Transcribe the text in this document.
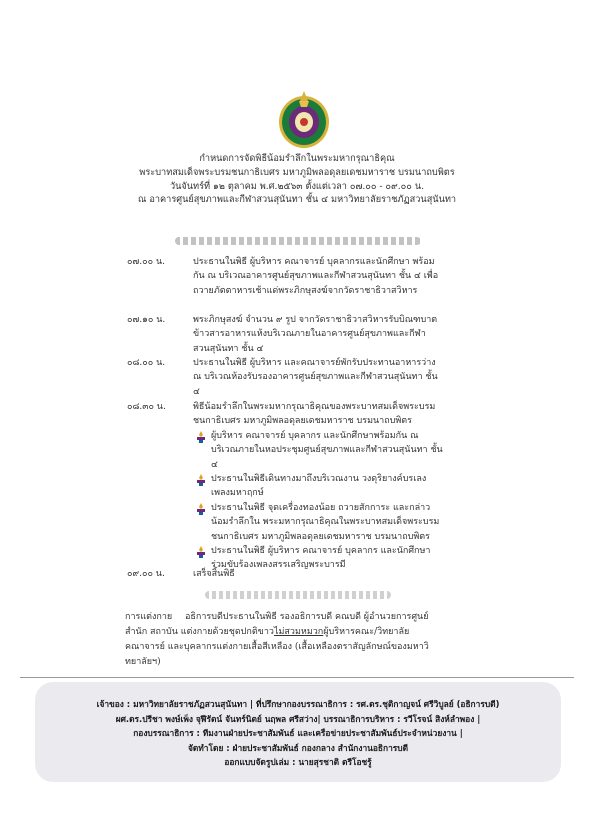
กำหนดการจัดพิธีน้อมรำลึกในพระมหากรุณาธิคุณ
พระบาทสมเด็จพระบรมชนกาธิเบศร มหาภูมิพลอดุลยเดชมหาราช บรมนาถบพิตร
วันจันทร์ที่ ๑๒ ตุลาคม พ.ศ.๒๕๖๓ ตั้งแต่เวลา ๐๗.๐๐ - ๐๙.๐๐ น.
ณ อาคารศูนย์สุขภาพและกีฬาสวนสุนันทา ชั้น ๔ มหาวิทยาลัยราชภัฏสวนสุนันทา
๐๗.๐๐ น.	ประธานในพิธี ผู้บริหาร คณาจารย์ บุคลากรและนักศึกษา พร้อมกัน ณ บริเวณอาคารศูนย์สุขภาพและกีฬาสวนสุนันทา ชั้น ๔ เพื่อถวายภัตตาหารเช้าแด่พระภิกษุสงฆ์จากวัดราชาธิวาสวิหาร
๐๗.๑๐ น.	พระภิกษุสงฆ์ จำนวน ๙ รูป จากวัดราชาธิวาสวิหารรับบิณฑบาตข้าวสารอาหารแห้งบริเวณภายในอาคารศูนย์สุขภาพและกีฬาสวนสุนันทา ชั้น ๔
๐๘.๐๐ น.	ประธานในพิธี ผู้บริหาร และคณาจารย์พักรับประทานอาหารว่าง ณ บริเวณห้องรับรองอาคารศูนย์สุขภาพและกีฬาสวนสุนันทา ชั้น ๔
๐๘.๓๐ น.	พิธีน้อมรำลึกในพระมหากรุณาธิคุณของพระบาทสมเด็จพระบรมชนกาธิเบศร มหาภูมิพลอดุลยเดชมหาราช บรมนาถบพิตร
ผู้บริหาร คณาจารย์ บุคลากร และนักศึกษาพร้อมกัน ณ บริเวณภายในหอประชุมศูนย์สุขภาพและกีฬาสวนสุนันทา ชั้น ๔
ประธานในพิธีเดินทางมาถึงบริเวณงาน วงดุริยางค์บรเลงเพลงมหาฤกษ์
ประธานในพิธี จุดเครื่องทองน้อย ถวายสักการะ และกล่าวน้อมรำลึกใน พระมหากรุณาธิคุณในพระบาทสมเด็จพระบรมชนกาธิเบศร มหาภูมิพลอดุลยเดชมหาราช บรมนาถบพิตร
ประธานในพิธี ผู้บริหาร คณาจารย์ บุคลากร และนักศึกษาร่วมขับร้องเพลงสรรเสริญพระบารมี
๐๙.๐๐ น.	เสร็จสิ้นพิธี
การแต่งกาย อธิการบดีประธานในพิธี รองอธิการบดี คณบดี ผู้อำนวยการศูนย์ สำนัก สถาบัน แต่งกายด้วยชุดปกติขาวไม่สวมหมวกผู้บริหารคณะ/วิทยาลัย คณาจารย์ และบุคลากรแต่งกายเสื้อสีเหลือง (เสื้อเหลืองตราสัญลักษณ์ของมหาวิทยาลัยฯ)
เจ้าของ : มหาวิทยาลัยราชภัฏสวนสุนันทา | ที่ปรึกษากองบรรณาธิการ : รศ.ดร.ชุติกาญจน์ ศรีวิบูลย์ (อธิการบดี)
ผศ.ดร.ปรีชา พงษ์เพ็ง จุฬีรัตน์ จันทร์นิตย์ นฤพล ศรีสว่าง| บรรณาธิการบริหาร : รวีโรจน์ สิงห์ลำพอง |
กองบรรณาธิการ : ทีมงานฝ่ายประชาสัมพันธ์ และเครือข่ายประชาสัมพันธ์ประจำหน่วยงาน |
จัดทำโดย : ฝ่ายประชาสัมพันธ์ กองกลาง สำนักงานอธิการบดี
ออกแบบจัดรูปเล่ม : นายสุรชาติ ตรีโอชรู้
